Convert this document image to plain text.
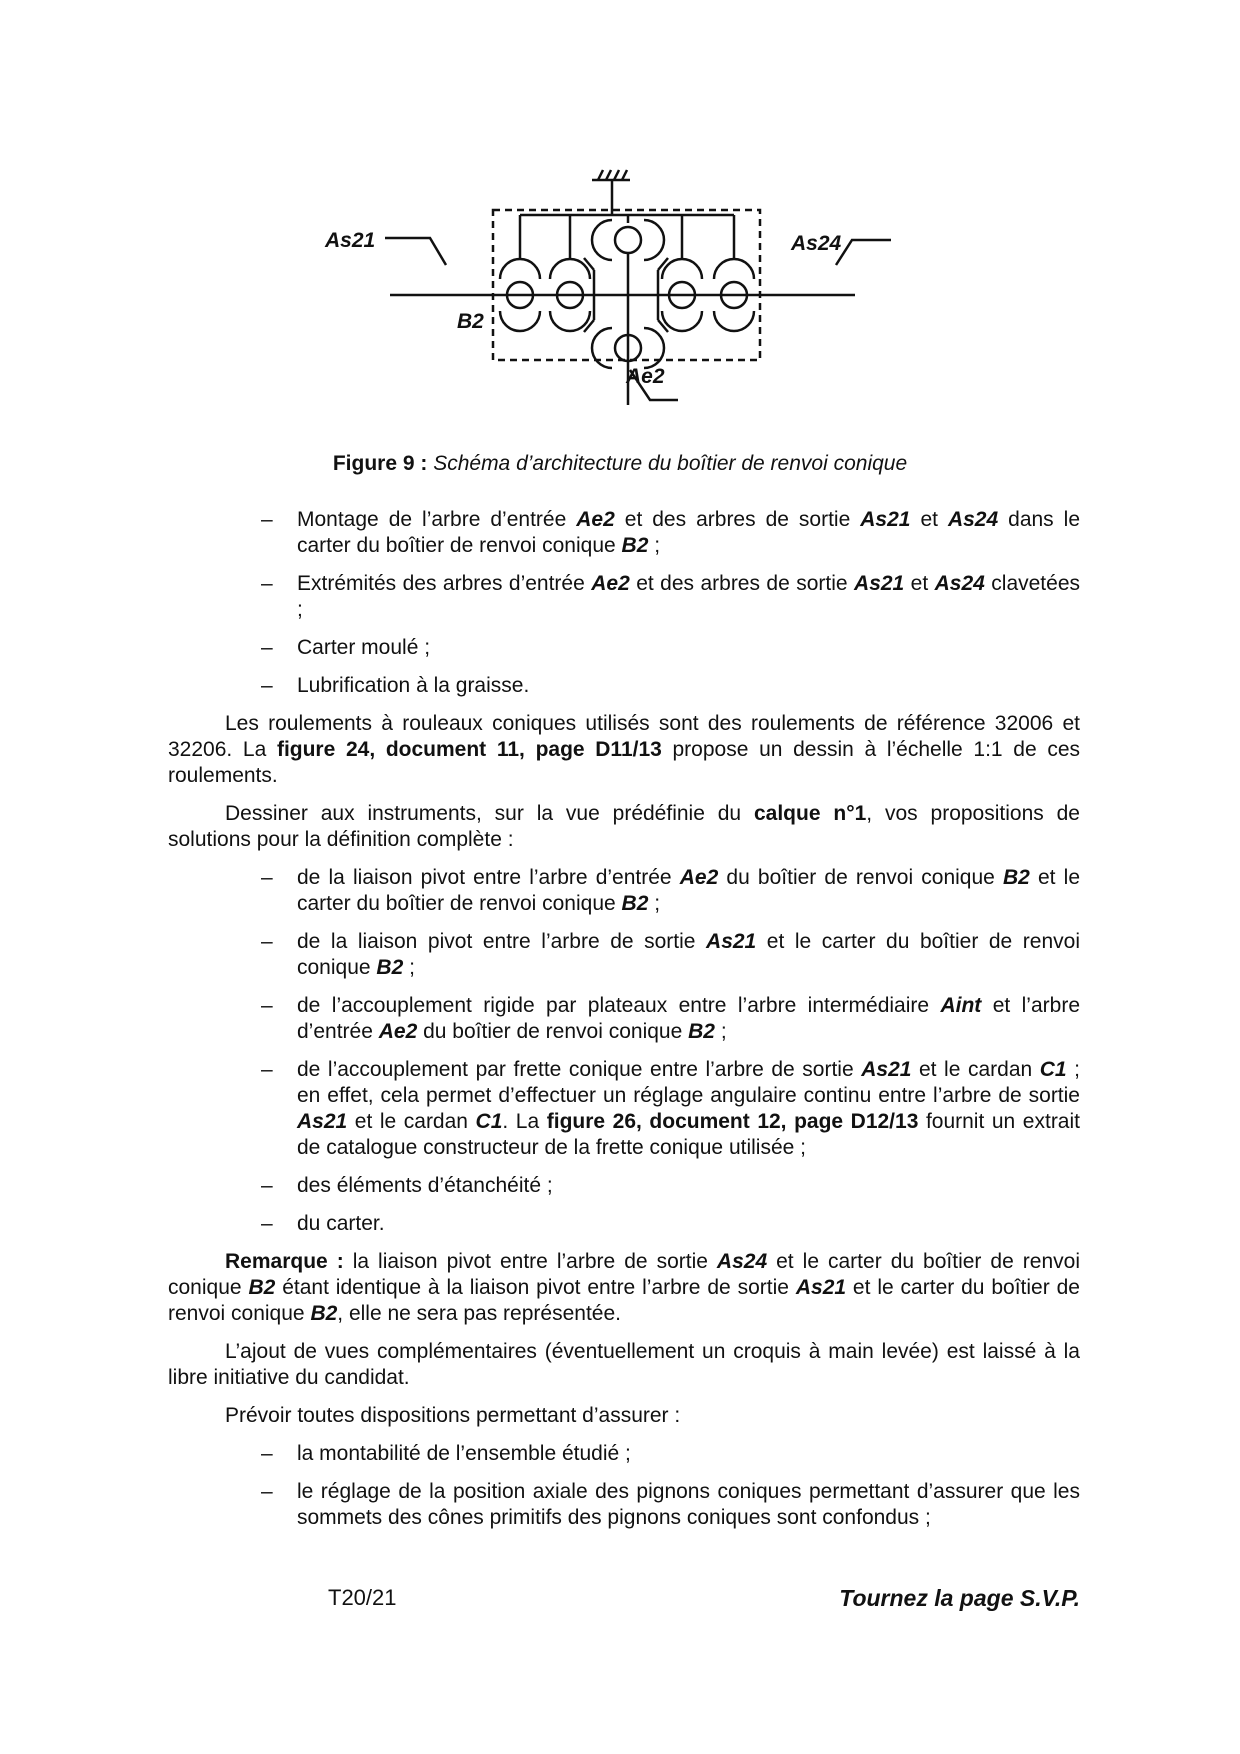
As21	As24
B2
Ae2
Figure 9 : Schéma d’architecture du boîtier de renvoi conique
– Montage de l’arbre d’entrée Ae2 et des arbres de sortie As21 et As24 dans le carter du boîtier de renvoi conique B2 ;
– Extrémités des arbres d’entrée Ae2 et des arbres de sortie As21 et As24 clavetées ;
– Carter moulé ;
– Lubrification à la graisse.

Les roulements à rouleaux coniques utilisés sont des roulements de référence 32006 et 32206. La figure 24, document 11, page D11/13 propose un dessin à l’échelle 1:1 de ces roulements.

Dessiner aux instruments, sur la vue prédéfinie du calque n°1, vos propositions de solutions pour la définition complète :

– de la liaison pivot entre l’arbre d’entrée Ae2 du boîtier de renvoi conique B2 et le carter du boîtier de renvoi conique B2 ;
– de la liaison pivot entre l’arbre de sortie As21 et le carter du boîtier de renvoi conique B2 ;
– de l’accouplement rigide par plateaux entre l’arbre intermédiaire Aint et l’arbre d’entrée Ae2 du boîtier de renvoi conique B2 ;
– de l’accouplement par frette conique entre l’arbre de sortie As21 et le cardan C1 ; en effet, cela permet d’effectuer un réglage angulaire continu entre l’arbre de sortie As21 et le cardan C1. La figure 26, document 12, page D12/13 fournit un extrait de catalogue constructeur de la frette conique utilisée ;
– des éléments d’étanchéité ;
– du carter.

Remarque : la liaison pivot entre l’arbre de sortie As24 et le carter du boîtier de renvoi conique B2 étant identique à la liaison pivot entre l’arbre de sortie As21 et le carter du boîtier de renvoi conique B2, elle ne sera pas représentée.

L’ajout de vues complémentaires (éventuellement un croquis à main levée) est laissé à la libre initiative du candidat.

Prévoir toutes dispositions permettant d’assurer :

– la montabilité de l’ensemble étudié ;
– le réglage de la position axiale des pignons coniques permettant d’assurer que les sommets des cônes primitifs des pignons coniques sont confondus ;
T20/21	Tournez la page S.V.P.
